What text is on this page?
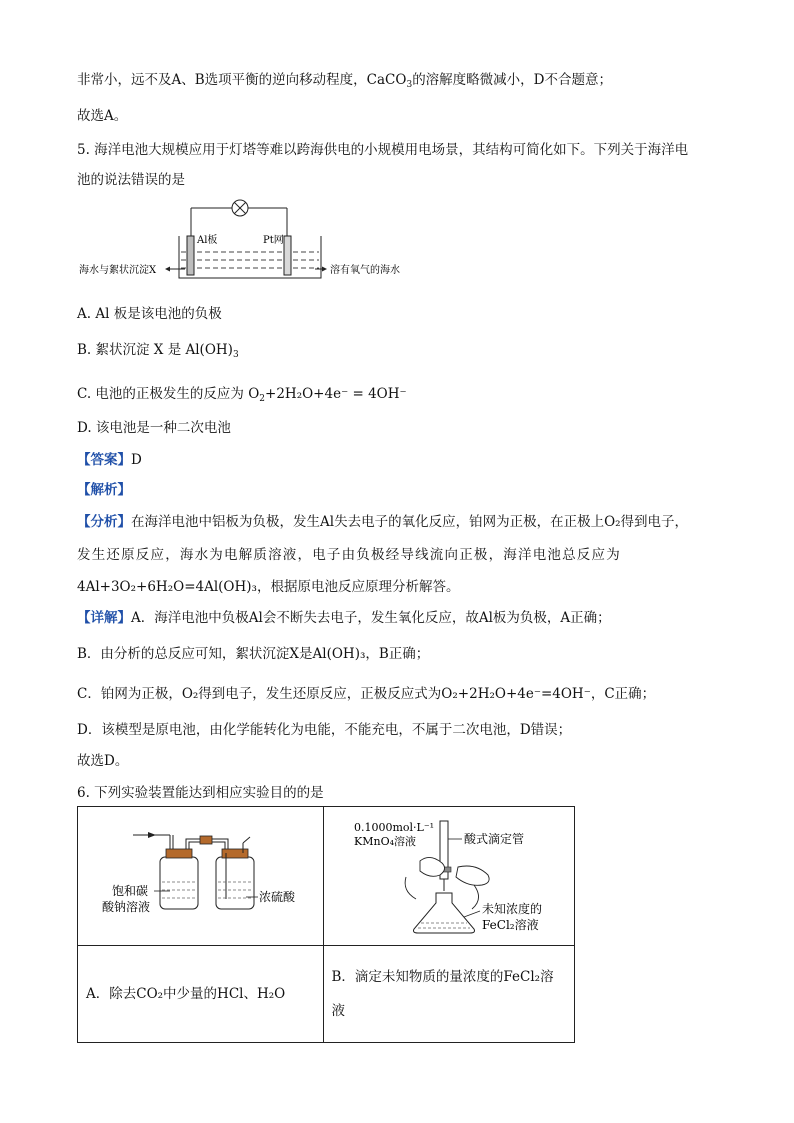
非常小，远不及A、B选项平衡的逆向移动程度，CaCO$_3$的溶解度略微减小，D不合题意；
故选A。
5. 海洋电池大规模应用于灯塔等难以跨海供电的小规模用电场景，其结构可简化如下。下列关于海洋电
池的说法错误的是
Al板	Pt网
海水与絮状沉淀X	溶有氧气的海水
A. Al 板是该电池的负极
B. 絮状沉淀 X 是 $Al(OH)_3$
C. 电池的正极发生的反应为 $O_2+2H_2O+4e^- = 4OH^-$
D. 该电池是一种二次电池
【答案】D
【解析】
【分析】在海洋电池中铝板为负极，发生Al失去电子的氧化反应，铂网为正极，在正极上O₂得到电子，
发生还原反应，海水为电解质溶液，电子由负极经导线流向正极，海洋电池总反应为
4Al+3O₂+6H₂O=4Al(OH)₃，根据原电池反应原理分析解答。
【详解】A．海洋电池中负极Al会不断失去电子，发生氧化反应，故Al板为负极，A正确；
B．由分析的总反应可知，絮状沉淀X是Al(OH)₃，B正确；
C．铂网为正极，O₂得到电子，发生还原反应，正极反应式为O₂+2H₂O+4e⁻=4OH⁻，C正确；
D．该模型是原电池，由化学能转化为电能，不能充电，不属于二次电池，D错误；
故选D。
6. 下列实验装置能达到相应实验目的的是
饱和碳
酸钠溶液
浓硫酸	0.1000mol·L⁻¹
KMnO₄溶液 酸式滴定管
未知浓度的
FeCl₂溶液

A．除去CO₂中少量的HCl、H₂O	B．滴定未知物质的量浓度的FeCl₂溶
液
